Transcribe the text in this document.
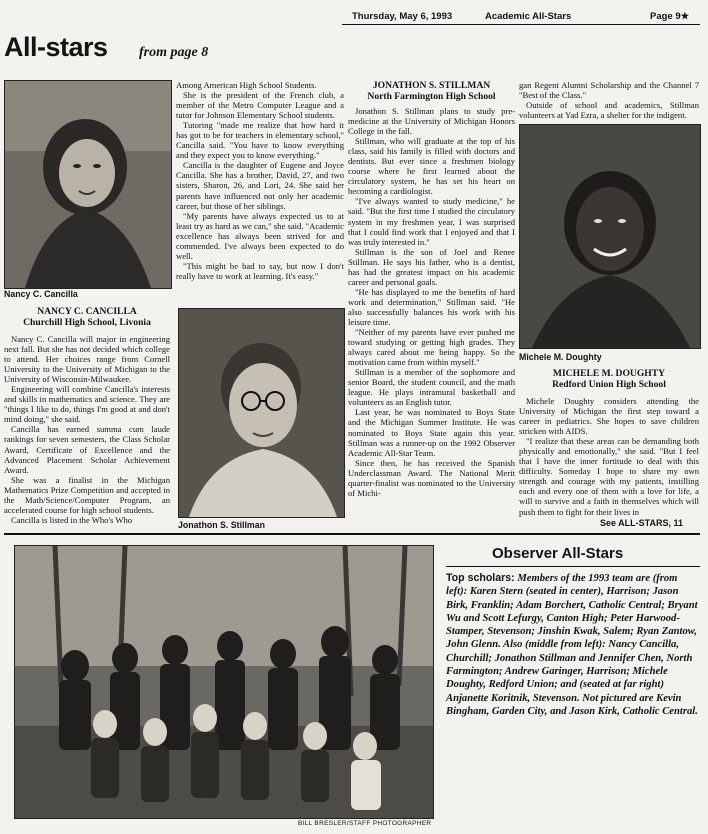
Thursday, May 6, 1993	Academic All-Stars	Page 9★
All-stars from page 8
Nancy C. Cancilla
NANCY C. CANCILLA
Churchill High School, Livonia

Nancy C. Cancilla will major in engineering next fall. But she has not decided which college to attend. Her choices range from Cornell University to the University of Michigan to the University of Wisconsin-Milwaukee.

Engineering will combine Cancilla's interests and skills in mathematics and science. They are "things I like to do, things I'm good at and don't mind doing," she said.

Cancilla has earned summa cum laude rankings for seven semesters, the Class Scholar Award, Certificate of Excellence and the Advanced Placement Scholar Achievement Award.

She was a finalist in the Michigan Mathematics Prize Competition and accepted in the Math/Science/Computer Program, an accelerated course for high school students.

Cancilla is listed in the Who's Who

Among American High School Students.

She is the president of the French club, a member of the Metro Computer League and a tutor for Johnson Elementary School students.

Tutoring "made me realize that how hard it has got to be for teachers in elementary school," Cancilla said. "You have to know everything and they expect you to know everything."

Cancilla is the daughter of Eugene and Joyce Cancilla. She has a brother, David, 27, and two sisters, Sharon, 26, and Lori, 24. She said her parents have influenced not only her academic career, but those of her siblings.

"My parents have always expected us to at least try as hard as we can," she said. "Academic excellence has always been strived for and commended. I've always been expected to do well.

"This might be bad to say, but now I don't really have to work at learning. It's easy."

Jonathon S. Stillman
JONATHON S. STILLMAN
North Farmington High School

Jonathon S. Stillman plans to study pre-medicine at the University of Michigan Honors College in the fall.

Stillman, who will graduate at the top of his class, said his family is filled with doctors and dentists. But ever since a freshmen biology course where he first learned about the circulatory system, he has set his heart on becoming a cardiologist.

"I've always wanted to study medicine," he said. "But the first time I studied the circulatory system in my freshmen year, I was surprised that I could find work that I enjoyed and that I was truly interested in."

Stillman is the son of Joel and Renee Stillman. He says his father, who is a dentist, has had the greatest impact on his academic career and personal goals.

"He has displayed to me the benefits of hard work and determination," Stillman said. "He also successfully balances his work with his leisure time.

"Neither of my parents have ever pushed me toward studying or getting high grades. They always cared about me being happy. So the motivation came from within myself."

Stillman is a member of the sophomore and senior Board, the student council, and the math league. He plays intramural basketball and volunteers as an English tutor.

Last year, he was nominated to Boys State and the Michigan Summer Institute. He was nominated to Boys State again this year. Stillman was a runner-up on the 1992 Observer Academic All-Star Team.

Since then, he has received the Spanish Underclassman Award. The National Merit quarter-finalist was nominated to the University of Michi-

gan Regent Alumni Scholarship and the Channel 7 "Best of the Class."

Outside of school and academics, Stillman volunteers at Yad Ezra, a shelter for the indigent.

Michele M. Doughty
MICHELE M. DOUGHTY
Redford Union High School

Michele Doughty considers attending the University of Michigan the first step toward a career in pediatrics. She hopes to save children stricken with AIDS.

"I realize that these areas can be demanding both physically and emotionally," she said. "But I feel that I have the inner fortitude to deal with this difficulty. Someday I hope to share my own strength and courage with my patients, instilling each and every one of them with a love for life, a will to survive and a faith in themselves which will push them to fight for their lives in

See ALL-STARS, 11
BILL BRESLER/STAFF PHOTOGRAPHER
Observer All-Stars
Top scholars: Members of the 1993 team are (from left): Karen Stern (seated in center), Harrison; Jason Birk, Franklin; Adam Borchert, Catholic Central; Bryant Wu and Scott Lefurgy, Canton High; Peter Harwood-Stamper, Stevenson; Jinshin Kwak, Salem; Ryan Zantow, John Glenn. Also (middle from left): Nancy Cancilla, Churchill; Jonathon Stillman and Jennifer Chen, North Farmington; Andrew Garinger, Harrison; Michele Doughty, Redford Union; and (seated at far right) Anjanette Koritnik, Stevenson. Not pictured are Kevin Bingham, Garden City, and Jason Kirk, Catholic Central.
